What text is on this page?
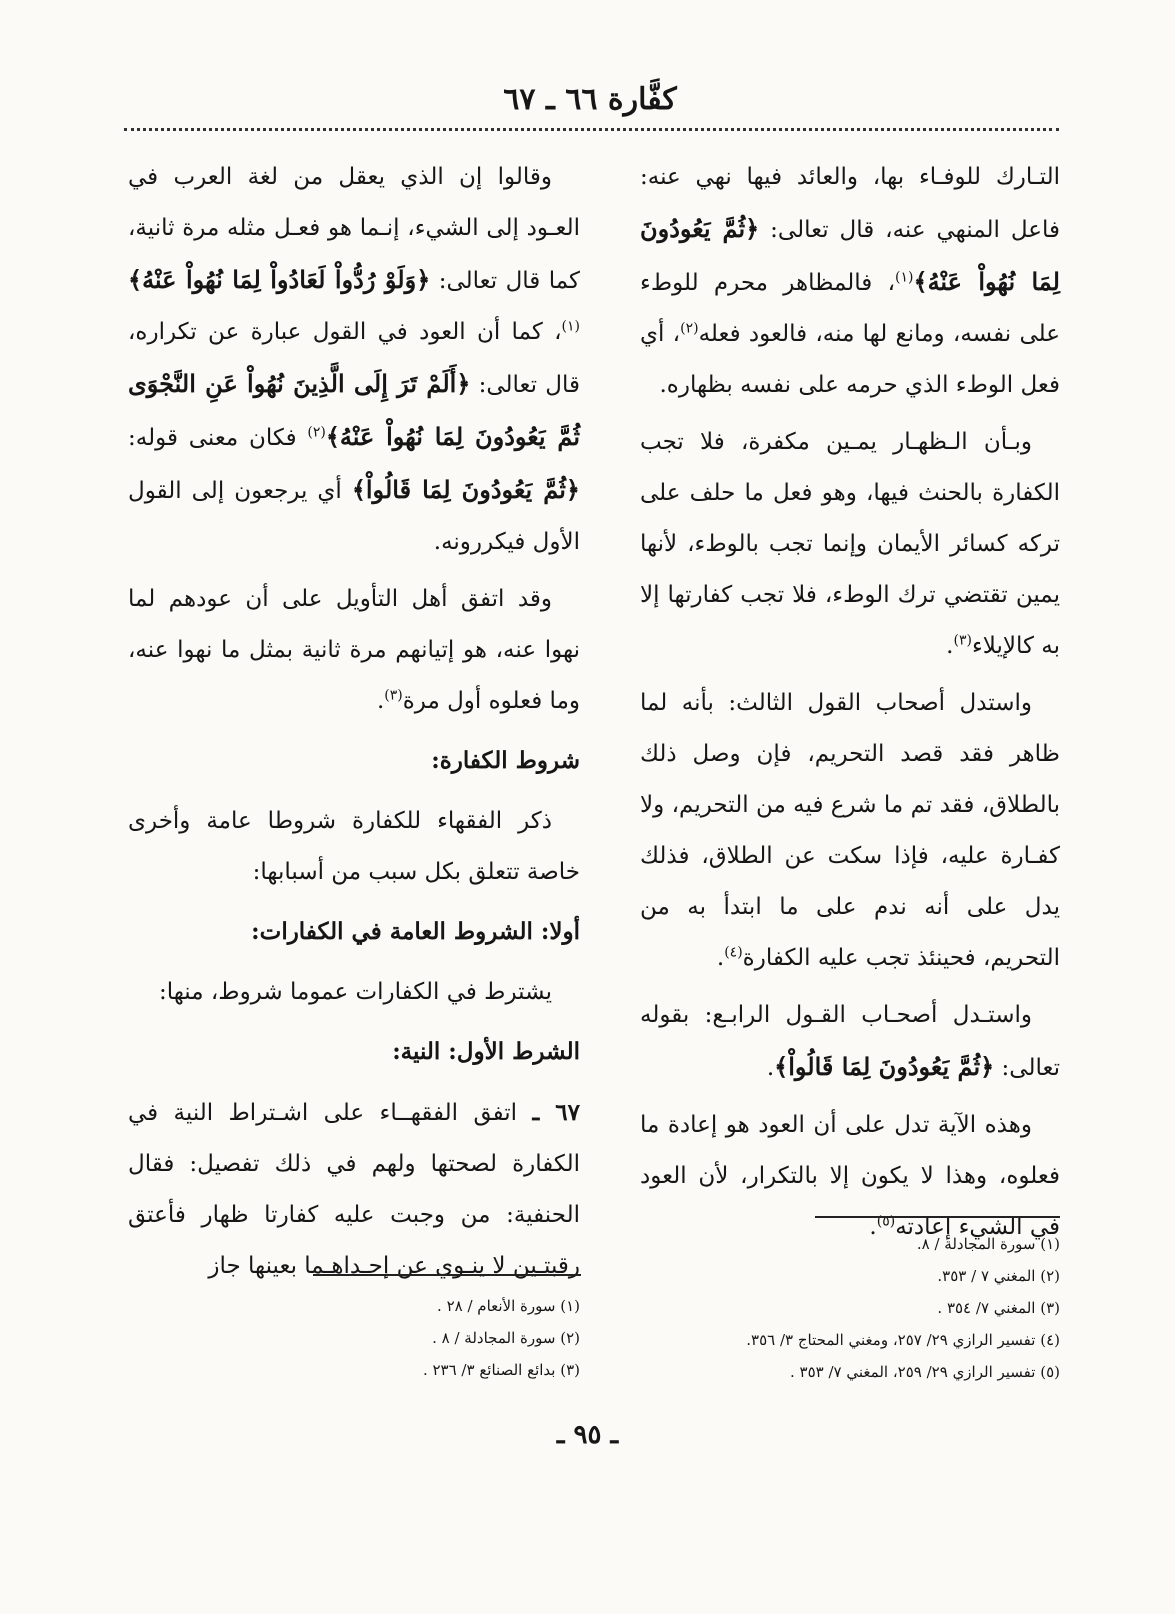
كفَّارة ٦٦ ـ ٦٧

التـارك للوفـاء بها، والعائد فيها نهي عنه: فاعل المنهي عنه، قال تعالى: ﴿ثُمَّ يَعُودُونَ لِمَا نُهُواْ عَنْهُ﴾$^{(١)}$، فالمظاهر محرم للوطء على نفسه، ومانع لها منه، فالعود فعله$^{(٢)}$، أي فعل الوطء الذي حرمه على نفسه بظهاره.

وبـأن الـظهـار يمـين مكفرة، فلا تجب الكفارة بالحنث فيها، وهو فعل ما حلف على تركه كسائر الأيمان وإنما تجب بالوطء، لأنها يمين تقتضي ترك الوطء، فلا تجب كفارتها إلا به كالإيلاء$^{(٣)}$.

واستدل أصحاب القول الثالث: بأنه لما ظاهر فقد قصد التحريم، فإن وصل ذلك بالطلاق، فقد تم ما شرع فيه من التحريم، ولا كفـارة عليه، فإذا سكت عن الطلاق، فذلك يدل على أنه ندم على ما ابتدأ به من التحريم، فحينئذ تجب عليه الكفارة$^{(٤)}$.

واستـدل أصحـاب القـول الرابـع: بقوله تعالى: ﴿ثُمَّ يَعُودُونَ لِمَا قَالُواْ﴾.

وهذه الآية تدل على أن العود هو إعادة ما فعلوه، وهذا لا يكون إلا بالتكرار، لأن العود في الشيء إعادته$^{(٥)}$.

وقالوا إن الذي يعقل من لغة العرب في العـود إلى الشيء، إنـما هو فعـل مثله مرة ثانية، كما قال تعالى: ﴿وَلَوْ رُدُّواْ لَعَادُواْ لِمَا نُهُواْ عَنْهُ﴾$^{(١)}$، كما أن العود في القول عبارة عن تكراره، قال تعالى: ﴿أَلَمْ تَرَ إِلَى الَّذِينَ نُهُواْ عَنِ النَّجْوَى ثُمَّ يَعُودُونَ لِمَا نُهُواْ عَنْهُ﴾$^{(٢)}$ فكان معنى قوله: ﴿ثُمَّ يَعُودُونَ لِمَا قَالُواْ﴾ أي يرجعون إلى القول الأول فيكررونه.

وقد اتفق أهل التأويل على أن عودهم لما نهوا عنه، هو إتيانهم مرة ثانية بمثل ما نهوا عنه، وما فعلوه أول مرة$^{(٣)}$.

شروط الكفارة:

ذكر الفقهاء للكفارة شروطا عامة وأخرى خاصة تتعلق بكل سبب من أسبابها:

أولا: الشروط العامة في الكفارات:

يشترط في الكفارات عموما شروط، منها:

الشرط الأول: النية:

٦٧ ـ اتفق الفقهــاء على اشـتراط النية في الكفارة لصحتها ولهم في ذلك تفصيل: فقال الحنفية: من وجبت عليه كفارتا ظهار فأعتق رقبتـين لا ينـوي عن إحـداهـما بعينها جاز

(١) سورة المجادلة / ٨.
(٢) المغني ٧ / ٣٥٣.
(٣) المغني ٧/ ٣٥٤ .
(٤) تفسير الرازي ٢٩/ ٢٥٧، ومغني المحتاج ٣/ ٣٥٦.
(٥) تفسير الرازي ٢٩/ ٢٥٩، المغني ٧/ ٣٥٣ .
(١) سورة الأنعام / ٢٨ .
(٢) سورة المجادلة / ٨ .
(٣) بدائع الصنائع ٣/ ٢٣٦ .
ـ ٩٥ ـ
